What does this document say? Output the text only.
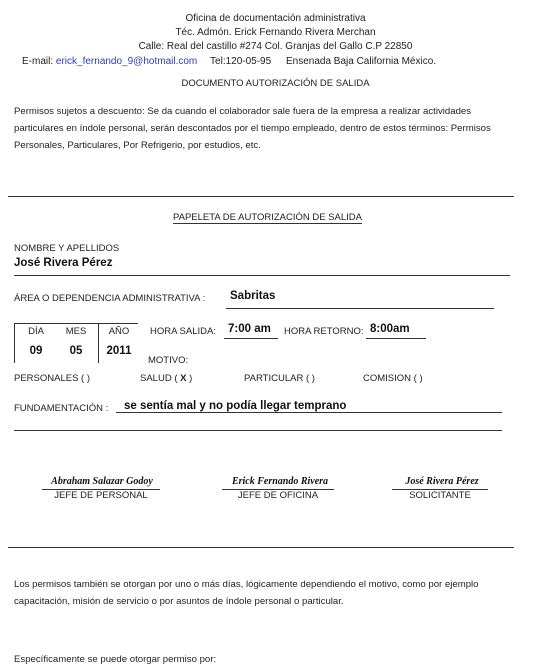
Oficina de documentación administrativa
Téc. Admón. Erick Fernando Rivera Merchan
Calle: Real del castillo #274 Col. Granjas del Gallo C.P 22850
E-mail: erick_fernando_9@hotmail.com Tel:120-05-95 Ensenada Baja California México.
DOCUMENTO AUTORIZACIÓN DE SALIDA
Permisos sujetos a descuento: Se da cuando el colaborador sale fuera de la empresa a realizar actividades particulares en índole personal, serán descontados por el tiempo empleado, dentro de estos términos: Permisos Personales, Particulares, Por Refrigerio, por estudios, etc.
PAPELETA DE AUTORIZACIÓN DE SALIDA
NOMBRE Y APELLIDOS
José Rivera Pérez
ÁREA O DEPENDENCIA ADMINISTRATIVA : Sabritas
DÍA	MES	AÑO
09	05	2011
HORA SALIDA: 7:00 am HORA RETORNO: 8:00am
MOTIVO:
PERSONALES ( )	SALUD ( X )	PARTICULAR ( )	COMISION ( )
FUNDAMENTACIÓN : se sentía mal y no podía llegar temprano
Abraham Salazar Godoy
JEFE DE PERSONAL
Erick Fernando Rivera
JEFE DE OFICINA
José Rivera Pérez
SOLICITANTE
Los permisos también se otorgan por uno o más días, lógicamente dependiendo el motivo, como por ejemplo capacitación, misión de servicio o por asuntos de índole personal o particular.
Específicamente se puede otorgar permiso por:
